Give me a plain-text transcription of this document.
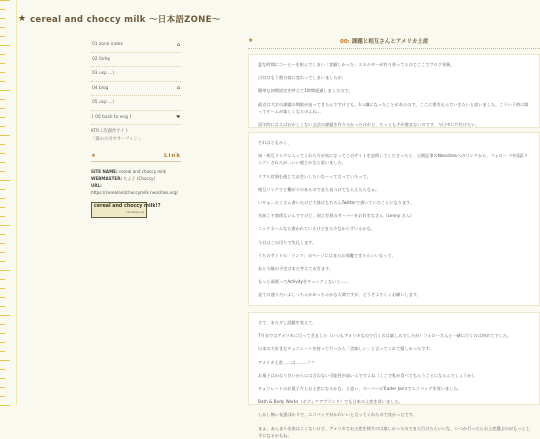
★ cereal and choccy milk 〜日本語ZONE〜
01 zone index	⌂
02 forby
03 usp ...)
04 blog	⌂
05 usp ...)
[ 00 back to eng ]	☚
KTRこ次創作サイト
「森の小川でサーフィン」
★	Link
SITE NAME: cereal and choccy milk
WEBMASTER: ちよ子 (Choccy)
URL: https://cerealandchoccymilk.neocities.org/
cereal and choccy milk!?
neocities.org
★	00: 課題と相互さんとアメリカ土産
夏な時間にコーヒーを飲んでしまい「実験しかった」エネルギーが有り余ってるのでここでブログ更新。
日付はもう数分前に変わってしまいましたが、
簡単な初期設定を終えて1時間経過しましたので、
最近は大学の課題の期限が迫ってきたんですけども、1つ嫌になったことがあるので、ここに書き込んでいきたいと思いました。こういう時に限ってゲームが楽しくなるのよね…
語学的に言えばおかしくない文法の課題を作りたかったけれど、ちっとも手が進まないのです。今日中に片付けたい、
それはともかく、
知・相互リンクに入ってくれた方が気になってこのサイトを訪問してくださったと、公開記事のNeocitiesへのリンクから、フォロー（中国語リンク）されたが…いい感じかなと思いました。
リアル対面を通じてお会いしたいな〜って言っていたって、
相互リンクでと繋がりのあるのでまた見つけてもらえたらなぁ。
いやぁ…たくさん書いたけど大体はもちろんTwitterで書いていたことになります。
名前こそ関係ないんですけど、同じ世界のサーバーをお好きなさん（Lenny さん）
ニックネームなら書かれているけどまた少なからずいるかな。
今日はこの辺りで失礼します。
うちのサイトの「リンク」のページにはまたお邪魔できたらいいなって、
あと今後の予定はまた考えておきます。
もっと頑張ってActivityをチェックしないと……
見ての通りだいぶしっちゃかめっちゃかな人間ですが、どうぞよろしくお願いします。
さて、またダし話題を変えて、
7月末ではアメリカに行ってきました（いつもアメリカなので行くのは楽しみでしたが）フォローさんと一緒に行くのは初めてでした。
日本の大好きなチョコレートを持って行ったら「美味しい」と言ってくれて嬉しかったです。
アメリカ土産……は………？？
お菓子はかなり甘いからには合わない可能性が高いんですよね（ここで私が食べてもらうことになるんでしょうか）。
チョコレートのお菓子だとお土産になるかな、と思い、スーパーのTrader Joe'sでエコバッグを買いました。
Bath & Body Works（ボディケアブランド）でも日本の土産を買いました。
しかし怖い友達ばかりで、エコバッグがかわいいと言ってくれたので良かったです。
まぁ、あんまり出来はよくないけど、アメリカでお土産を探すのは楽しかったのでまた行けたらいいな、いつか行ったらお土産選ぶのがもっと上手になるかもね。
